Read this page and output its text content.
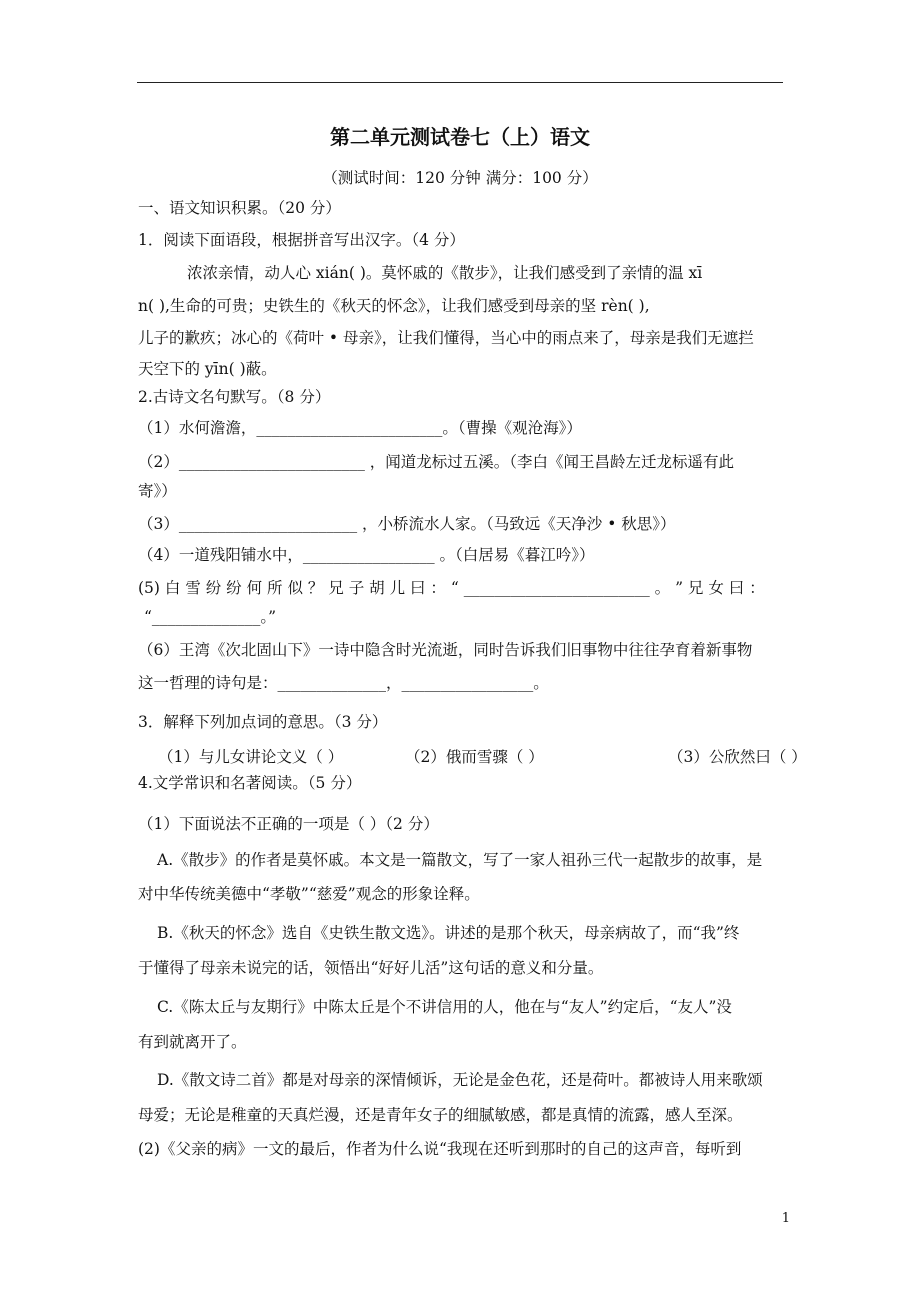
第二单元测试卷七（上）语文
（测试时间：120 分钟 满分：100 分）
一、语文知识积累。（20 分）
1．阅读下面语段，根据拼音写出汉字。（4 分）
浓浓亲情，动人心 xián( )。莫怀戚的《散步》，让我们感受到了亲情的温 xī
n( ),生命的可贵；史铁生的《秋天的怀念》，让我们感受到母亲的坚 rèn( ),
儿子的歉疚；冰心的《荷叶 • 母亲》，让我们懂得，当心中的雨点来了，母亲是我们无遮拦
天空下的 yīn( )蔽。
2.古诗文名句默写。（8 分）
（1）水何澹澹，________________________。（曹操《观沧海》）
（2）________________________ ，闻道龙标过五溪。（李白《闻王昌龄左迁龙标遥有此
寄》）
（3）_______________________ ，小桥流水人家。（马致远《天净沙 • 秋思》）
（4）一道残阳铺水中，_________________ 。（白居易《暮江吟》）
(5) 白 雪 纷 纷 何 所 似 ？ 兄 子 胡 儿 曰 ： “ ________________________ 。 ” 兄 女 曰 ：
“______________。”
（6）王湾《次北固山下》一诗中隐含时光流逝，同时告诉我们旧事物中往往孕育着新事物
这一哲理的诗句是：______________，_________________。
3．解释下列加点词的意思。（3 分）
（1）与儿女讲论文义（ ）	（2）俄而雪骤（ ）	（3）公欣然曰（ ）
4.文学常识和名著阅读。（5 分）
（1）下面说法不正确的一项是（ ）（2 分）
A.《散步》的作者是莫怀戚。本文是一篇散文，写了一家人祖孙三代一起散步的故事，是
对中华传统美德中“孝敬”“慈爱”观念的形象诠释。
B.《秋天的怀念》选自《史铁生散文选》。讲述的是那个秋天，母亲病故了，而“我”终
于懂得了母亲未说完的话，领悟出“好好儿活”这句话的意义和分量。
C.《陈太丘与友期行》中陈太丘是个不讲信用的人，他在与“友人”约定后，“友人”没
有到就离开了。
D.《散文诗二首》都是对母亲的深情倾诉，无论是金色花，还是荷叶。都被诗人用来歌颂
母爱；无论是稚童的天真烂漫，还是青年女子的细腻敏感，都是真情的流露，感人至深。
(2)《父亲的病》一文的最后，作者为什么说“我现在还听到那时的自己的这声音，每听到
1
